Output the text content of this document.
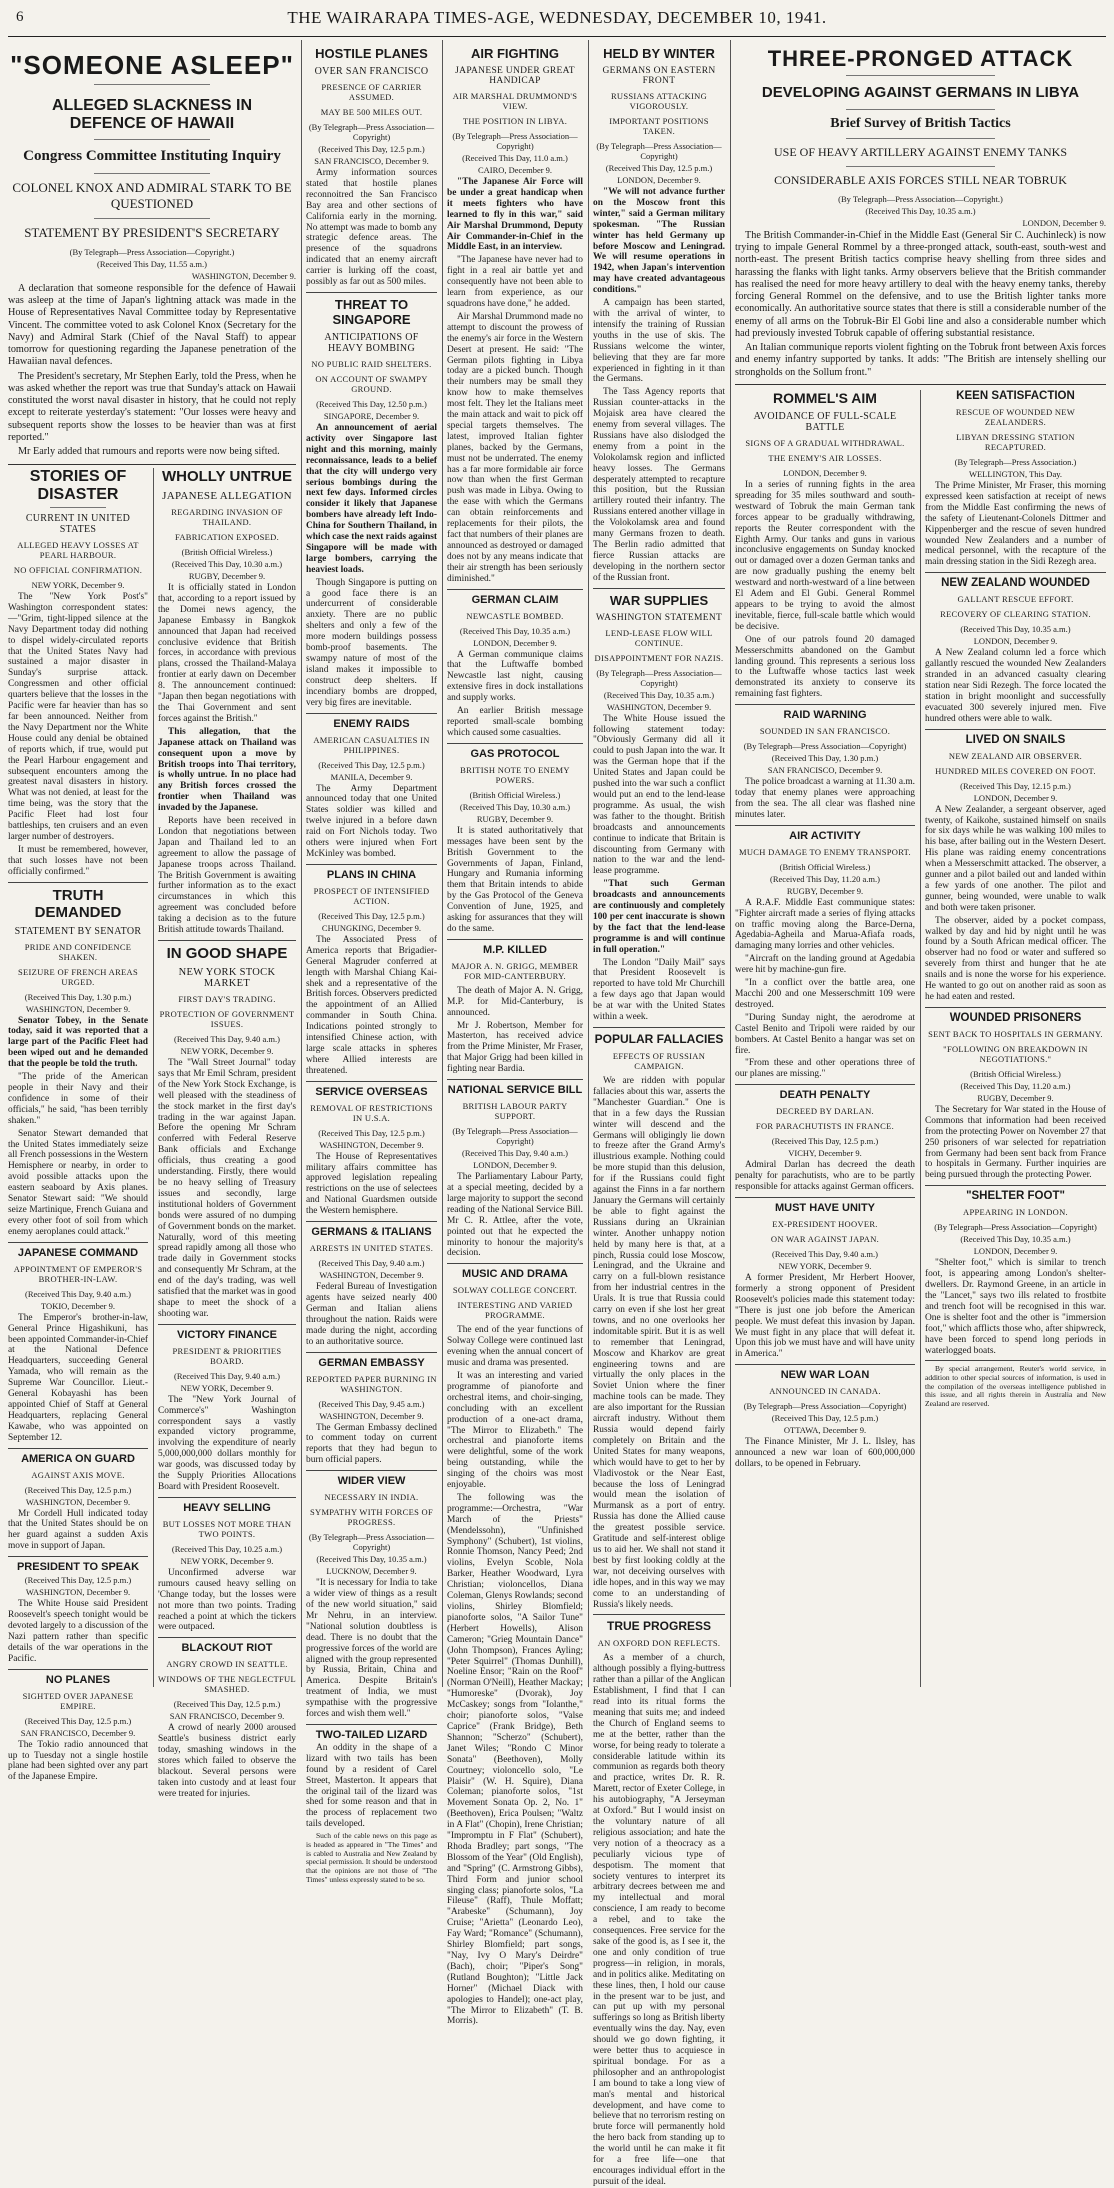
6	THE WAIRARAPA TIMES-AGE, WEDNESDAY, DECEMBER 10, 1941.
"SOMEONE ASLEEP"
ALLEGED SLACKNESS IN DEFENCE OF HAWAII
Congress Committee Instituting Inquiry
COLONEL KNOX AND ADMIRAL STARK TO BE QUESTIONED
STATEMENT BY PRESIDENT'S SECRETARY
(By Telegraph—Press Association—Copyright.)
(Received This Day, 11.55 a.m.)
WASHINGTON, December 9.

A declaration that someone responsible for the defence of Hawaii was asleep at the time of Japan's lightning attack was made in the House of Representatives Naval Committee today by Representative Vincent. The committee voted to ask Colonel Knox (Secretary for the Navy) and Admiral Stark (Chief of the Naval Staff) to appear tomorrow for questioning regarding the Japanese penetration of the Hawaiian naval defences.

The President's secretary, Mr Stephen Early, told the Press, when he was asked whether the report was true that Sunday's attack on Hawaii constituted the worst naval disaster in history, that he could not reply except to reiterate yesterday's statement: "Our losses were heavy and subsequent reports show the losses to be heavier than was at first reported."

Mr Early added that rumours and reports were now being sifted.

STORIES OF DISASTER
CURRENT IN UNITED STATES
ALLEGED HEAVY LOSSES AT PEARL HARBOUR.
NO OFFICIAL CONFIRMATION.
NEW YORK, December 9.

The "New York Post's" Washington correspondent states:—"Grim, tight-lipped silence at the Navy Department today did nothing to dispel widely-circulated reports that the United States Navy had sustained a major disaster in Sunday's surprise attack. Congressmen and other official quarters believe that the losses in the Pacific were far heavier than has so far been announced. Neither from the Navy Department nor the White House could any denial be obtained of reports which, if true, would put the Pearl Harbour engagement and subsequent encounters among the greatest naval disasters in history. What was not denied, at least for the time being, was the story that the Pacific Fleet had lost four battleships, ten cruisers and an even larger number of destroyers.

It must be remembered, however, that such losses have not been officially confirmed."

TRUTH DEMANDED
STATEMENT BY SENATOR
PRIDE AND CONFIDENCE SHAKEN.
SEIZURE OF FRENCH AREAS URGED.
(Received This Day, 1.30 p.m.)
WASHINGTON, December 9.

Senator Tobey, in the Senate today, said it was reported that a large part of the Pacific Fleet had been wiped out and he demanded that the people be told the truth.

"The pride of the American people in their Navy and their confidence in some of their officials," he said, "has been terribly shaken."

Senator Stewart demanded that the United States immediately seize all French possessions in the Western Hemisphere or nearby, in order to avoid possible attacks upon the eastern seaboard by Axis planes. Senator Stewart said: "We should seize Martinique, French Guiana and every other foot of soil from which enemy aeroplanes could attack."

JAPANESE COMMAND
APPOINTMENT OF EMPEROR'S BROTHER-IN-LAW.
(Received This Day, 9.40 a.m.)
TOKIO, December 9.

The Emperor's brother-in-law, General Prince Higashikuni, has been appointed Commander-in-Chief at the National Defence Headquarters, succeeding General Yamada, who will remain as the Supreme War Councillor. Lieut.-General Kobayashi has been appointed Chief of Staff at General Headquarters, replacing General Kawabe, who was appointed on September 12.

AMERICA ON GUARD
AGAINST AXIS MOVE.
(Received This Day, 12.5 p.m.)
WASHINGTON, December 9.

Mr Cordell Hull indicated today that the United States should be on her guard against a sudden Axis move in support of Japan.

PRESIDENT TO SPEAK
(Received This Day, 12.5 p.m.)
WASHINGTON, December 9.

The White House said President Roosevelt's speech tonight would be devoted largely to a discussion of the Nazi pattern rather than specific details of the war operations in the Pacific.

NO PLANES
SIGHTED OVER JAPANESE EMPIRE.
(Received This Day, 12.5 p.m.)
SAN FRANCISCO, December 9.

The Tokio radio announced that up to Tuesday not a single hostile plane had been sighted over any part of the Japanese Empire.

WHOLLY UNTRUE
JAPANESE ALLEGATION
REGARDING INVASION OF THAILAND.
FABRICATION EXPOSED.
(British Official Wireless.)
(Received This Day, 10.30 a.m.)
RUGBY, December 9.

It is officially stated in London that, according to a report issued by the Domei news agency, the Japanese Embassy in Bangkok announced that Japan had received conclusive evidence that British forces, in accordance with previous plans, crossed the Thailand-Malaya frontier at early dawn on December 8. The announcement continued: "Japan then began negotiations with the Thai Government and sent forces against the British."

This allegation, that the Japanese attack on Thailand was consequent upon a move by British troops into Thai territory, is wholly untrue. In no place had any British forces crossed the frontier when Thailand was invaded by the Japanese.

Reports have been received in London that negotiations between Japan and Thailand led to an agreement to allow the passage of Japanese troops across Thailand. The British Government is awaiting further information as to the exact circumstances in which this agreement was concluded before taking a decision as to the future British attitude towards Thailand.

IN GOOD SHAPE
NEW YORK STOCK MARKET
FIRST DAY'S TRADING.
PROTECTION OF GOVERNMENT ISSUES.
(Received This Day, 9.40 a.m.)
NEW YORK, December 9.

The "Wall Street Journal" today says that Mr Emil Schram, president of the New York Stock Exchange, is well pleased with the steadiness of the stock market in the first day's trading in the war against Japan. Before the opening Mr Schram conferred with Federal Reserve Bank officials and Exchange officials, thus creating a good understanding. Firstly, there would be no heavy selling of Treasury issues and secondly, large institutional holders of Government bonds were assured of no dumping of Government bonds on the market. Naturally, word of this meeting spread rapidly among all those who trade daily in Government stocks and consequently Mr Schram, at the end of the day's trading, was well satisfied that the market was in good shape to meet the shock of a shooting war.

VICTORY FINANCE
PRESIDENT & PRIORITIES BOARD.
(Received This Day, 9.40 a.m.)
NEW YORK, December 9.

The "New York Journal of Commerce's" Washington correspondent says a vastly expanded victory programme, involving the expenditure of nearly 5,000,000,000 dollars monthly for war goods, was discussed today by the Supply Priorities Allocations Board with President Roosevelt.

HEAVY SELLING
BUT LOSSES NOT MORE THAN TWO POINTS.
(Received This Day, 10.25 a.m.)
NEW YORK, December 9.

Unconfirmed adverse war rumours caused heavy selling on 'Change today, but the losses were not more than two points. Trading reached a point at which the tickers were outpaced.

BLACKOUT RIOT
ANGRY CROWD IN SEATTLE.
WINDOWS OF THE NEGLECTFUL SMASHED.
(Received This Day, 12.5 p.m.)
SAN FRANCISCO, December 9.

A crowd of nearly 2000 aroused Seattle's business district early today, smashing windows in the stores which failed to observe the blackout. Several persons were taken into custody and at least four were treated for injuries.

HOSTILE PLANES
OVER SAN FRANCISCO
PRESENCE OF CARRIER ASSUMED.
MAY BE 500 MILES OUT.
(By Telegraph—Press Association—Copyright)
(Received This Day, 12.5 p.m.)
SAN FRANCISCO, December 9.

Army information sources stated that hostile planes reconnoitred the San Francisco Bay area and other sections of California early in the morning. No attempt was made to bomb any strategic defence areas. The presence of the squadrons indicated that an enemy aircraft carrier is lurking off the coast, possibly as far out as 500 miles.

THREAT TO SINGAPORE
ANTICIPATIONS OF HEAVY BOMBING
NO PUBLIC RAID SHELTERS.
ON ACCOUNT OF SWAMPY GROUND.
(Received This Day, 12.50 p.m.)
SINGAPORE, December 9.

An announcement of aerial activity over Singapore last night and this morning, mainly reconnaissance, leads to a belief that the city will undergo very serious bombings during the next few days. Informed circles consider it likely that Japanese bombers have already left Indo-China for Southern Thailand, in which case the next raids against Singapore will be made with large bombers, carrying the heaviest loads.

Though Singapore is putting on a good face there is an undercurrent of considerable anxiety. There are no public shelters and only a few of the more modern buildings possess bomb-proof basements. The swampy nature of most of the island makes it impossible to construct deep shelters. If incendiary bombs are dropped, very big fires are inevitable.

ENEMY RAIDS
AMERICAN CASUALTIES IN PHILIPPINES.
(Received This Day, 12.5 p.m.)
MANILA, December 9.

The Army Department announced today that one United States soldier was killed and twelve injured in a before dawn raid on Fort Nichols today. Two others were injured when Fort McKinley was bombed.

PLANS IN CHINA
PROSPECT OF INTENSIFIED ACTION.
(Received This Day, 12.5 p.m.)
CHUNGKING, December 9.

The Associated Press of America reports that Brigadier-General Magruder conferred at length with Marshal Chiang Kai-shek and a representative of the British forces. Observers predicted the appointment of an Allied commander in South China. Indications pointed strongly to intensified Chinese action, with large scale attacks in spheres where Allied interests are threatened.

SERVICE OVERSEAS
REMOVAL OF RESTRICTIONS IN U.S.A.
(Received This Day, 12.5 p.m.)
WASHINGTON, December 9.

The House of Representatives military affairs committee has approved legislation repealing restrictions on the use of selectees and National Guardsmen outside the Western hemisphere.

GERMANS & ITALIANS
ARRESTS IN UNITED STATES.
(Received This Day, 9.40 a.m.)
WASHINGTON, December 9.

Federal Bureau of Investigation agents have seized nearly 400 German and Italian aliens throughout the nation. Raids were made during the night, according to an authoritative source.

GERMAN EMBASSY
REPORTED PAPER BURNING IN WASHINGTON.
(Received This Day, 9.45 a.m.)
WASHINGTON, December 9.

The German Embassy declined to comment today on current reports that they had begun to burn official papers.

WIDER VIEW
NECESSARY IN INDIA.
SYMPATHY WITH FORCES OF PROGRESS.
(By Telegraph—Press Association—Copyright)
(Received This Day, 10.35 a.m.)
LUCKNOW, December 9.

"It is necessary for India to take a wider view of things as a result of the new world situation," said Mr Nehru, in an interview. "National solution doubtless is dead. There is no doubt that the progressive forces of the world are aligned with the group represented by Russia, Britain, China and America. Despite Britain's treatment of India, we must sympathise with the progressive forces and wish them well."

TWO-TAILED LIZARD

An oddity in the shape of a lizard with two tails has been found by a resident of Carel Street, Masterton. It appears that the original tail of the lizard was shed for some reason and that in the process of replacement two tails developed.

Such of the cable news on this page as is headed as appeared in "The Times" and is cabled to Australia and New Zealand by special permission. It should be understood that the opinions are not those of "The Times" unless expressly stated to be so.

AIR FIGHTING
JAPANESE UNDER GREAT HANDICAP
AIR MARSHAL DRUMMOND'S VIEW.
THE POSITION IN LIBYA.
(By Telegraph—Press Association—Copyright)
(Received This Day, 11.0 a.m.)
CAIRO, December 9.

"The Japanese Air Force will be under a great handicap when it meets fighters who have learned to fly in this war," said Air Marshal Drummond, Deputy Air Commander-in-Chief in the Middle East, in an interview.

"The Japanese have never had to fight in a real air battle yet and consequently have not been able to learn from experience, as our squadrons have done," he added.

Air Marshal Drummond made no attempt to discount the prowess of the enemy's air force in the Western Desert at present. He said: "The German pilots fighting in Libya today are a picked bunch. Though their numbers may be small they know how to make themselves most felt. They let the Italians meet the main attack and wait to pick off special targets themselves. The latest, improved Italian fighter planes, backed by the Germans, must not be underrated. The enemy has a far more formidable air force now than when the first German push was made in Libya. Owing to the ease with which the Germans can obtain reinforcements and replacements for their pilots, the fact that numbers of their planes are announced as destroyed or damaged does not by any means indicate that their air strength has been seriously diminished."

GERMAN CLAIM
NEWCASTLE BOMBED.
(Received This Day, 10.35 a.m.)
LONDON, December 9.

A German communique claims that the Luftwaffe bombed Newcastle last night, causing extensive fires in dock installations and supply works.

An earlier British message reported small-scale bombing which caused some casualties.

GAS PROTOCOL
BRITISH NOTE TO ENEMY POWERS.
(British Official Wireless.)
(Received This Day, 10.30 a.m.)
RUGBY, December 9.

It is stated authoritatively that messages have been sent by the British Government to the Governments of Japan, Finland, Hungary and Rumania informing them that Britain intends to abide by the Gas Protocol of the Geneva Convention of June, 1925, and asking for assurances that they will do the same.

M.P. KILLED
MAJOR A. N. GRIGG, MEMBER FOR MID-CANTERBURY.

The death of Major A. N. Grigg, M.P. for Mid-Canterbury, is announced.

Mr J. Robertson, Member for Masterton, has received advice from the Prime Minister, Mr Fraser, that Major Grigg had been killed in fighting near Bardia.

NATIONAL SERVICE BILL
BRITISH LABOUR PARTY SUPPORT.
(By Telegraph—Press Association—Copyright)
(Received This Day, 9.40 a.m.)
LONDON, December 9.

The Parliamentary Labour Party, at a special meeting, decided by a large majority to support the second reading of the National Service Bill. Mr C. R. Attlee, after the vote, pointed out that he expected the minority to honour the majority's decision.

MUSIC AND DRAMA
SOLWAY COLLEGE CONCERT.
INTERESTING AND VARIED PROGRAMME.

The end of the year functions of Solway College were continued last evening when the annual concert of music and drama was presented.

It was an interesting and varied programme of pianoforte and orchestral items, and choir-singing, concluding with an excellent production of a one-act drama, "The Mirror to Elizabeth." The orchestral and pianoforte items were delightful, some of the work being outstanding, while the singing of the choirs was most enjoyable.

The following was the programme:—Orchestra, "War March of the Priests" (Mendelssohn), "Unfinished Symphony" (Schubert), 1st violins, Ronnie Thomson, Nancy Peed; 2nd violins, Evelyn Scoble, Nola Barker, Heather Woodward, Lyra Christian; violoncellos, Diana Coleman, Glenys Rowlands; second violins, Shirley Blomfield; pianoforte solos, "A Sailor Tune" (Herbert Howells), Alison Cameron; "Grieg Mountain Dance" (John Thompson), Frances Ayling; "Peter Squirrel" (Thomas Dunhill), Noeline Ensor; "Rain on the Roof" (Norman O'Neill), Heather Mackay; "Humoreske" (Dvorak), Joy McCaskey; songs from "Iolanthe," choir; pianoforte solos, "Valse Caprice" (Frank Bridge), Beth Shannon; "Scherzo" (Schubert), Janet Wiles; "Rondo C Minor Sonata" (Beethoven), Molly Courtney; violoncello solo, "Le Plaisir" (W. H. Squire), Diana Coleman; pianoforte solos, "1st Movement Sonata Op. 2, No. 1" (Beethoven), Erica Poulsen; "Waltz in A Flat" (Chopin), Irene Christian; "Impromptu in F Flat" (Schubert), Rhoda Bradley; part songs, "The Blossom of the Year" (Old English), and "Spring" (C. Armstrong Gibbs), Third Form and junior school singing class; pianoforte solos, "La Fileuse" (Raff), Thule Moffatt; "Arabeske" (Schumann), Joy Cruise; "Arietta" (Leonardo Leo), Fay Ward; "Romance" (Schumann), Shirley Blomfield; part songs, "Nay, Ivy O Mary's Deirdre" (Bach), choir; "Piper's Song" (Rutland Boughton); "Little Jack Horner" (Michael Diack with apologies to Handel); one-act play, "The Mirror to Elizabeth" (T. B. Morris).

HELD BY WINTER
GERMANS ON EASTERN FRONT
RUSSIANS ATTACKING VIGOROUSLY.
IMPORTANT POSITIONS TAKEN.
(By Telegraph—Press Association—Copyright)
(Received This Day, 12.5 p.m.)
LONDON, December 9.

"We will not advance further on the Moscow front this winter," said a German military spokesman. "The Russian winter has held Germany up before Moscow and Leningrad. We will resume operations in 1942, when Japan's intervention may have created advantageous conditions."

A campaign has been started, with the arrival of winter, to intensify the training of Russian youths in the use of skis. The Russians welcome the winter, believing that they are far more experienced in fighting in it than the Germans.

The Tass Agency reports that Russian counter-attacks in the Mojaisk area have cleared the enemy from several villages. The Russians have also dislodged the enemy from a point in the Volokolamsk region and inflicted heavy losses. The Germans desperately attempted to recapture this position, but the Russian artillery routed their infantry. The Russians entered another village in the Volokolamsk area and found many Germans frozen to death. The Berlin radio admitted that fierce Russian attacks are developing in the northern sector of the Russian front.

WAR SUPPLIES
WASHINGTON STATEMENT
LEND-LEASE FLOW WILL CONTINUE.
DISAPPOINTMENT FOR NAZIS.
(By Telegraph—Press Association—Copyright)
(Received This Day, 10.35 a.m.)
WASHINGTON, December 9.

The White House issued the following statement today: "Obviously Germany did all it could to push Japan into the war. It was the German hope that if the United States and Japan could be pushed into the war such a conflict would put an end to the lend-lease programme. As usual, the wish was father to the thought. British broadcasts and announcements continue to indicate that Britain is discounting from Germany with nation to the war and the lend-lease programme.

"That such German broadcasts and announcements are continuously and completely 100 per cent inaccurate is shown by the fact that the lend-lease programme is and will continue in full operation."

The London "Daily Mail" says that President Roosevelt is reported to have told Mr Churchill a few days ago that Japan would be at war with the United States within a week.

POPULAR FALLACIES
EFFECTS OF RUSSIAN CAMPAIGN.

We are ridden with popular fallacies about this war, asserts the "Manchester Guardian." One is that in a few days the Russian winter will descend and the Germans will obligingly lie down to freeze after the Grand Army's illustrious example. Nothing could be more stupid than this delusion, for if the Russians could fight against the Finns in a far northern January the Germans will certainly be able to fight against the Russians during an Ukrainian winter. Another unhappy notion held by many here is that, at a pinch, Russia could lose Moscow, Leningrad, and the Ukraine and carry on a full-blown resistance from her industrial centres in the Urals. It is true that Russia could carry on even if she lost her great towns, and no one overlooks her indomitable spirit. But it is as well to remember that Leningrad, Moscow and Kharkov are great engineering towns and are virtually the only places in the Soviet Union where the finer machine tools can be made. They are also important for the Russian aircraft industry. Without them Russia would depend fairly completely on Britain and the United States for many weapons, which would have to get to her by Vladivostok or the Near East, because the loss of Leningrad would mean the isolation of Murmansk as a port of entry. Russia has done the Allied cause the greatest possible service. Gratitude and self-interest oblige us to aid her. We shall not stand it best by first looking coldly at the war, not deceiving ourselves with idle hopes, and in this way we may come to an understanding of Russia's likely needs.

TRUE PROGRESS
AN OXFORD DON REFLECTS.

As a member of a church, although possibly a flying-buttress rather than a pillar of the Anglican Establishment, I find that I can read into its ritual forms the meaning that suits me; and indeed the Church of England seems to me at the better, rather than the worse, for being ready to tolerate a considerable latitude within its communion as regards both theory and practice, writes Dr. R. R. Marett, rector of Exeter College, in his autobiography, "A Jerseyman at Oxford." But I would insist on the voluntary nature of all religious association; and hate the very notion of a theocracy as a peculiarly vicious type of despotism. The moment that society ventures to interpret its arbitrary decrees between me and my intellectual and moral conscience, I am ready to become a rebel, and to take the consequences. Free service for the sake of the good is, as I see it, the one and only condition of true progress—in religion, in morals, and in politics alike. Meditating on these lines, then, I hold our cause in the present war to be just, and can put up with my personal sufferings so long as British liberty eventually wins the day. Nay, even should we go down fighting, it were better thus to acquiesce in spiritual bondage. For as a philosopher and an anthropologist I am bound to take a long view of man's mental and historical development, and have come to believe that no terrorism resting on brute force will permanently hold the hero back from standing up to the world until he can make it fit for a free life—one that encourages individual effort in the pursuit of the ideal.

THREE-PRONGED ATTACK
DEVELOPING AGAINST GERMANS IN LIBYA
Brief Survey of British Tactics
USE OF HEAVY ARTILLERY AGAINST ENEMY TANKS
CONSIDERABLE AXIS FORCES STILL NEAR TOBRUK
(By Telegraph—Press Association—Copyright.)
(Received This Day, 10.35 a.m.)
LONDON, December 9.

The British Commander-in-Chief in the Middle East (General Sir C. Auchinleck) is now trying to impale General Rommel by a three-pronged attack, south-east, south-west and north-east. The present British tactics comprise heavy shelling from three sides and harassing the flanks with light tanks. Army observers believe that the British commander has realised the need for more heavy artillery to deal with the heavy enemy tanks, thereby forcing General Rommel on the defensive, and to use the British lighter tanks more economically. An authoritative source states that there is still a considerable number of the enemy of all arms on the Tobruk-Bir El Gobi line and also a considerable number which had previously invested Tobruk capable of offering substantial resistance.

An Italian communique reports violent fighting on the Tobruk front between Axis forces and enemy infantry supported by tanks. It adds: "The British are intensely shelling our strongholds on the Sollum front."

ROMMEL'S AIM
AVOIDANCE OF FULL-SCALE BATTLE
SIGNS OF A GRADUAL WITHDRAWAL.
THE ENEMY'S AIR LOSSES.
LONDON, December 9.

In a series of running fights in the area spreading for 35 miles southward and south-westward of Tobruk the main German tank forces appear to be gradually withdrawing, reports the Reuter correspondent with the Eighth Army. Our tanks and guns in various inconclusive engagements on Sunday knocked out or damaged over a dozen German tanks and are now gradually pushing the enemy belt westward and north-westward of a line between El Adem and El Gubi. General Rommel appears to be trying to avoid the almost inevitable, fierce, full-scale battle which would be decisive.

One of our patrols found 20 damaged Messerschmitts abandoned on the Gambut landing ground. This represents a serious loss to the Luftwaffe whose tactics last week demonstrated its anxiety to conserve its remaining fast fighters.

RAID WARNING
SOUNDED IN SAN FRANCISCO.
(By Telegraph—Press Association—Copyright)
(Received This Day, 1.30 p.m.)
SAN FRANCISCO, December 9.

The police broadcast a warning at 11.30 a.m. today that enemy planes were approaching from the sea. The all clear was flashed nine minutes later.

AIR ACTIVITY
MUCH DAMAGE TO ENEMY TRANSPORT.
(British Official Wireless.)
(Received This Day, 11.20 a.m.)
RUGBY, December 9.

A R.A.F. Middle East communique states: "Fighter aircraft made a series of flying attacks on traffic moving along the Barce-Derna, Agedabia-Agheila and Marua-Afiafa roads, damaging many lorries and other vehicles.

"Aircraft on the landing ground at Agedabia were hit by machine-gun fire.

"In a conflict over the battle area, one Macchi 200 and one Messerschmitt 109 were destroyed.

"During Sunday night, the aerodrome at Castel Benito and Tripoli were raided by our bombers. At Castel Benito a hangar was set on fire.

"From these and other operations three of our planes are missing."

DEATH PENALTY
DECREED BY DARLAN.
FOR PARACHUTISTS IN FRANCE.
(Received This Day, 12.5 p.m.)
VICHY, December 9.

Admiral Darlan has decreed the death penalty for parachutists, who are to be partly responsible for attacks against German officers.

MUST HAVE UNITY
EX-PRESIDENT HOOVER.
ON WAR AGAINST JAPAN.
(Received This Day, 9.40 a.m.)
NEW YORK, December 9.

A former President, Mr Herbert Hoover, formerly a strong opponent of President Roosevelt's policies made this statement today: "There is just one job before the American people. We must defeat this invasion by Japan. We must fight in any place that will defeat it. Upon this job we must have and will have unity in America."

NEW WAR LOAN
ANNOUNCED IN CANADA.
(By Telegraph—Press Association—Copyright)
(Received This Day, 12.5 p.m.)
OTTAWA, December 9.

The Finance Minister, Mr J. L. Ilsley, has announced a new war loan of 600,000,000 dollars, to be opened in February.

KEEN SATISFACTION
RESCUE OF WOUNDED NEW ZEALANDERS.
LIBYAN DRESSING STATION RECAPTURED.
(By Telegraph—Press Association.)
WELLINGTON, This Day.

The Prime Minister, Mr Fraser, this morning expressed keen satisfaction at receipt of news from the Middle East confirming the news of the safety of Lieutenant-Colonels Dittmer and Kippenberger and the rescue of seven hundred wounded New Zealanders and a number of medical personnel, with the recapture of the main dressing station in the Sidi Rezegh area.

NEW ZEALAND WOUNDED
GALLANT RESCUE EFFORT.
RECOVERY OF CLEARING STATION.
(Received This Day, 10.35 a.m.)
LONDON, December 9.

A New Zealand column led a force which gallantly rescued the wounded New Zealanders stranded in an advanced casualty clearing station near Sidi Rezegh. The force located the station in bright moonlight and successfully evacuated 300 severely injured men. Five hundred others were able to walk.

LIVED ON SNAILS
NEW ZEALAND AIR OBSERVER.
HUNDRED MILES COVERED ON FOOT.
(Received This Day, 12.15 p.m.)
LONDON, December 9.

A New Zealander, a sergeant observer, aged twenty, of Kaikohe, sustained himself on snails for six days while he was walking 100 miles to his base, after bailing out in the Western Desert. His plane was raiding enemy concentrations when a Messerschmitt attacked. The observer, a gunner and a pilot bailed out and landed within a few yards of one another. The pilot and gunner, being wounded, were unable to walk and both were taken prisoner.

The observer, aided by a pocket compass, walked by day and hid by night until he was found by a South African medical officer. The observer had no food or water and suffered so severely from thirst and hunger that he ate snails and is none the worse for his experience. He wanted to go out on another raid as soon as he had eaten and rested.

WOUNDED PRISONERS
SENT BACK TO HOSPITALS IN GERMANY.
"FOLLOWING ON BREAKDOWN IN NEGOTIATIONS."
(British Official Wireless.)
(Received This Day, 11.20 a.m.)
RUGBY, December 9.

The Secretary for War stated in the House of Commons that information had been received from the protecting Power on November 27 that 250 prisoners of war selected for repatriation from Germany had been sent back from France to hospitals in Germany. Further inquiries are being pursued through the protecting Power.

"SHELTER FOOT"
APPEARING IN LONDON.
(By Telegraph—Press Association—Copyright)
(Received This Day, 10.35 a.m.)
LONDON, December 9.

"Shelter foot," which is similar to trench foot, is appearing among London's shelter-dwellers. Dr. Raymond Greene, in an article in the "Lancet," says two ills related to frostbite and trench foot will be recognised in this war. One is shelter foot and the other is "immersion foot," which afflicts those who, after shipwreck, have been forced to spend long periods in waterlogged boats.

By special arrangement, Reuter's world service, in addition to other special sources of information, is used in the compilation of the overseas intelligence published in this issue, and all rights therein in Australia and New Zealand are reserved.
